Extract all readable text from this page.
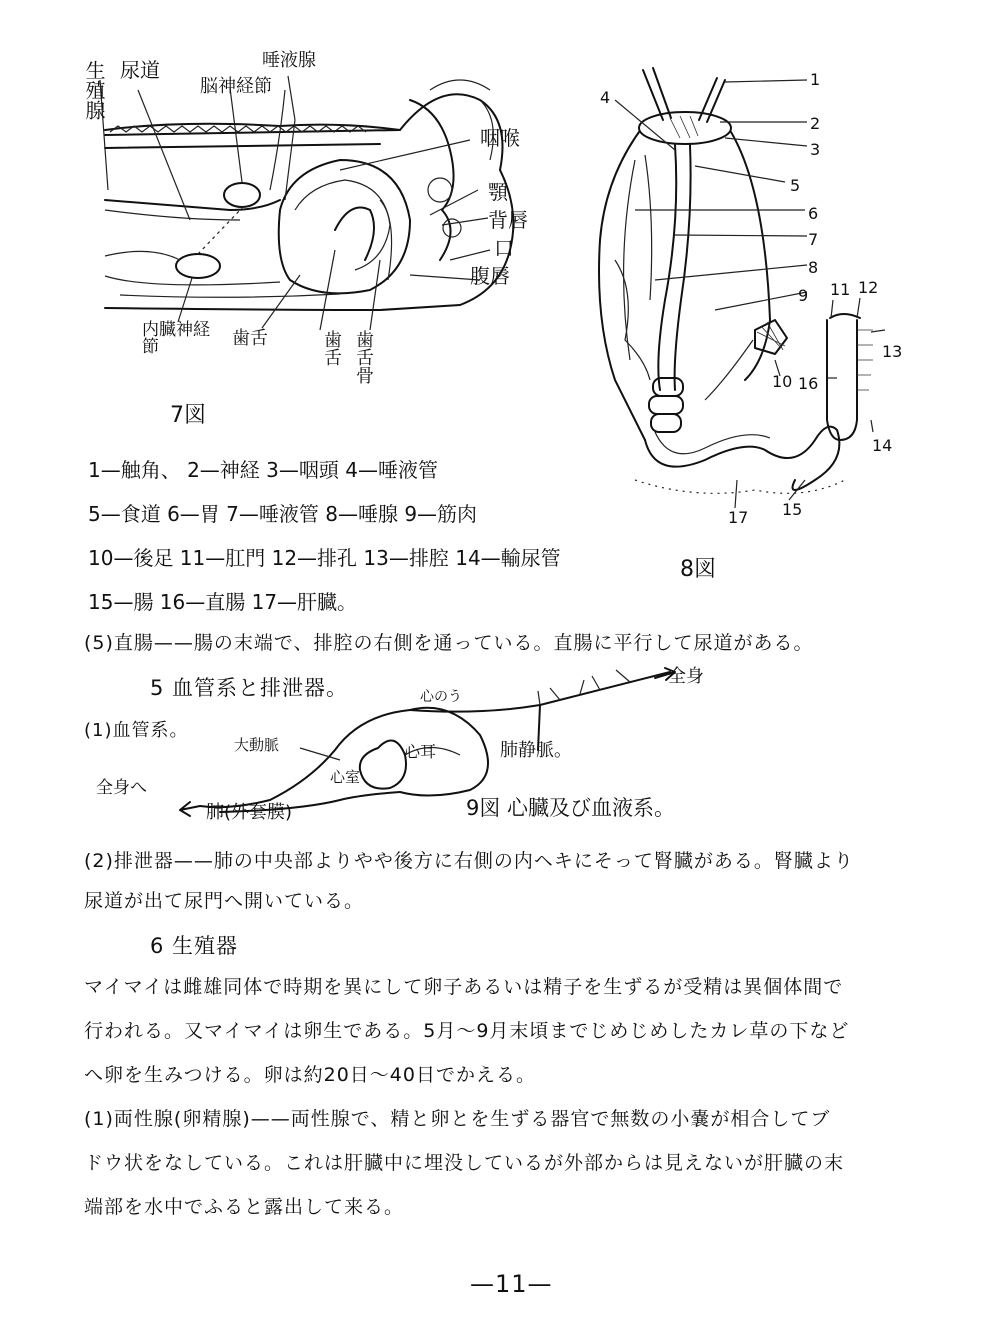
生殖腺 尿道
脳神経節
唾液腺
咽喉
顎
背唇
口
腹唇
内臓神経節	歯舌	歯舌 歯舌骨
7図
1
2
3
4
5
6
7
8
9
10
11 12
13
14
15
16
17
8図
1—触角、 2—神経 3—咽頭 4—唾液管
5—食道 6—胃 7—唾液管 8—唾腺 9—筋肉
10—後足 11—肛門 12—排孔 13—排腔 14—輸尿管
15—腸 16—直腸 17—肝臓。
(5)直腸——腸の末端で、排腔の右側を通っている。直腸に平行して尿道がある。
5 血管系と排泄器。
(1)血管系。
全身
心のう
大動脈	心耳	肺静脈。
心室
全身へ
肺(外套膜)	9図 心臓及び血液系。
(2)排泄器——肺の中央部よりやや後方に右側の内ヘキにそって腎臓がある。腎臓より
尿道が出て尿門へ開いている。
6 生殖器
マイマイは雌雄同体で時期を異にして卵子あるいは精子を生ずるが受精は異個体間で
行われる。又マイマイは卵生である。5月〜9月末頃までじめじめしたカレ草の下など
へ卵を生みつける。卵は約20日〜40日でかえる。
(1)両性腺(卵精腺)——両性腺で、精と卵とを生ずる器官で無数の小嚢が相合してブ
ドウ状をなしている。これは肝臓中に埋没しているが外部からは見えないが肝臓の末
端部を水中でふると露出して来る。
—11—
